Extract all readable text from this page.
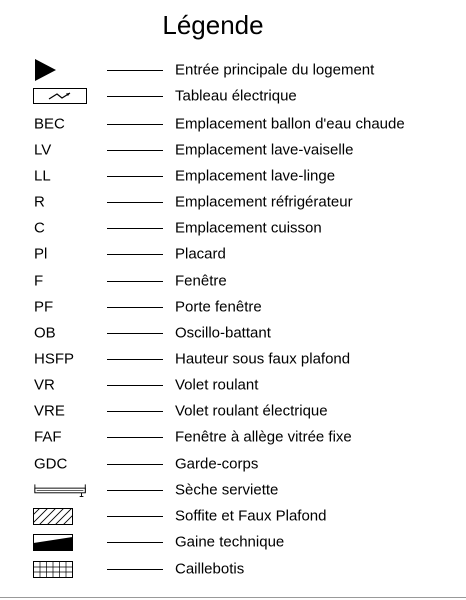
Légende
Entrée principale du logement
Tableau électrique
BEC	Emplacement ballon d'eau chaude
LV	Emplacement lave-vaiselle
LL	Emplacement lave-linge
R	Emplacement réfrigérateur
C	Emplacement cuisson
Pl	Placard
F	Fenêtre
PF	Porte fenêtre
OB	Oscillo-battant
HSFP	Hauteur sous faux plafond
VR	Volet roulant
VRE	Volet roulant électrique
FAF	Fenêtre à allège vitrée fixe
GDC	Garde-corps
Sèche serviette
Soffite et Faux Plafond
Gaine technique
Caillebotis
